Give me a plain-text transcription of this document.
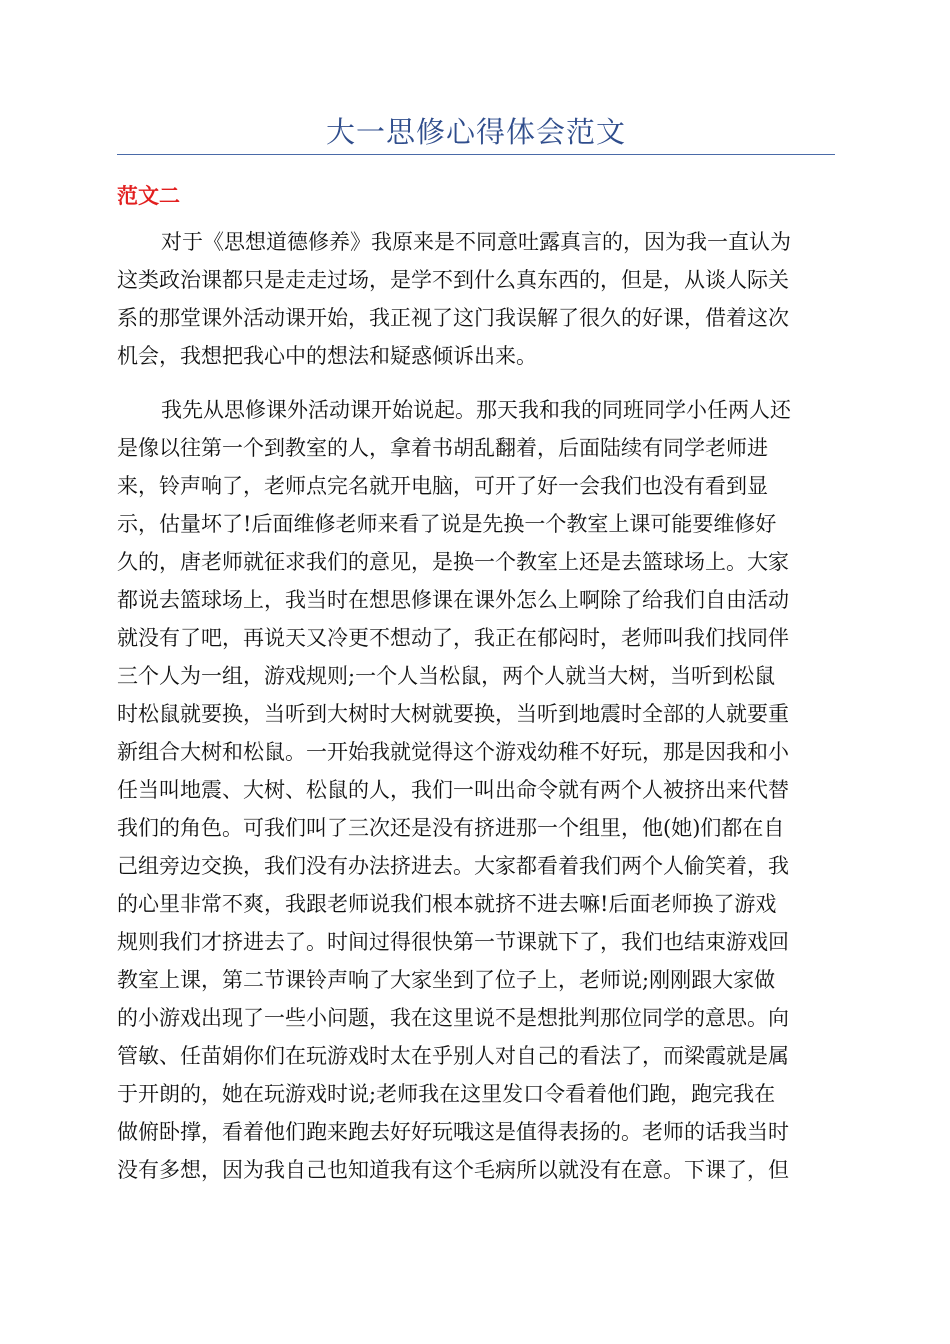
大一思修心得体会范文
范文二
对于《思想道德修养》我原来是不同意吐露真言的，因为我一直认为
这类政治课都只是走走过场，是学不到什么真东西的，但是，从谈人际关
系的那堂课外活动课开始，我正视了这门我误解了很久的好课，借着这次
机会，我想把我心中的想法和疑惑倾诉出来。
我先从思修课外活动课开始说起。那天我和我的同班同学小任两人还
是像以往第一个到教室的人，拿着书胡乱翻着，后面陆续有同学老师进
来，铃声响了，老师点完名就开电脑，可开了好一会我们也没有看到显
示，估量坏了!后面维修老师来看了说是先换一个教室上课可能要维修好
久的，唐老师就征求我们的意见，是换一个教室上还是去篮球场上。大家
都说去篮球场上，我当时在想思修课在课外怎么上啊除了给我们自由活动
就没有了吧，再说天又冷更不想动了，我正在郁闷时，老师叫我们找同伴
三个人为一组，游戏规则;一个人当松鼠，两个人就当大树，当听到松鼠
时松鼠就要换，当听到大树时大树就要换，当听到地震时全部的人就要重
新组合大树和松鼠。一开始我就觉得这个游戏幼稚不好玩，那是因我和小
任当叫地震、大树、松鼠的人，我们一叫出命令就有两个人被挤出来代替
我们的角色。可我们叫了三次还是没有挤进那一个组里，他(她)们都在自
己组旁边交换，我们没有办法挤进去。大家都看着我们两个人偷笑着，我
的心里非常不爽，我跟老师说我们根本就挤不进去嘛!后面老师换了游戏
规则我们才挤进去了。时间过得很快第一节课就下了，我们也结束游戏回
教室上课，第二节课铃声响了大家坐到了位子上，老师说;刚刚跟大家做
的小游戏出现了一些小问题，我在这里说不是想批判那位同学的意思。向
管敏、任苗娟你们在玩游戏时太在乎别人对自己的看法了，而梁霞就是属
于开朗的，她在玩游戏时说;老师我在这里发口令看着他们跑，跑完我在
做俯卧撑，看着他们跑来跑去好好玩哦这是值得表扬的。老师的话我当时
没有多想，因为我自己也知道我有这个毛病所以就没有在意。下课了，但
